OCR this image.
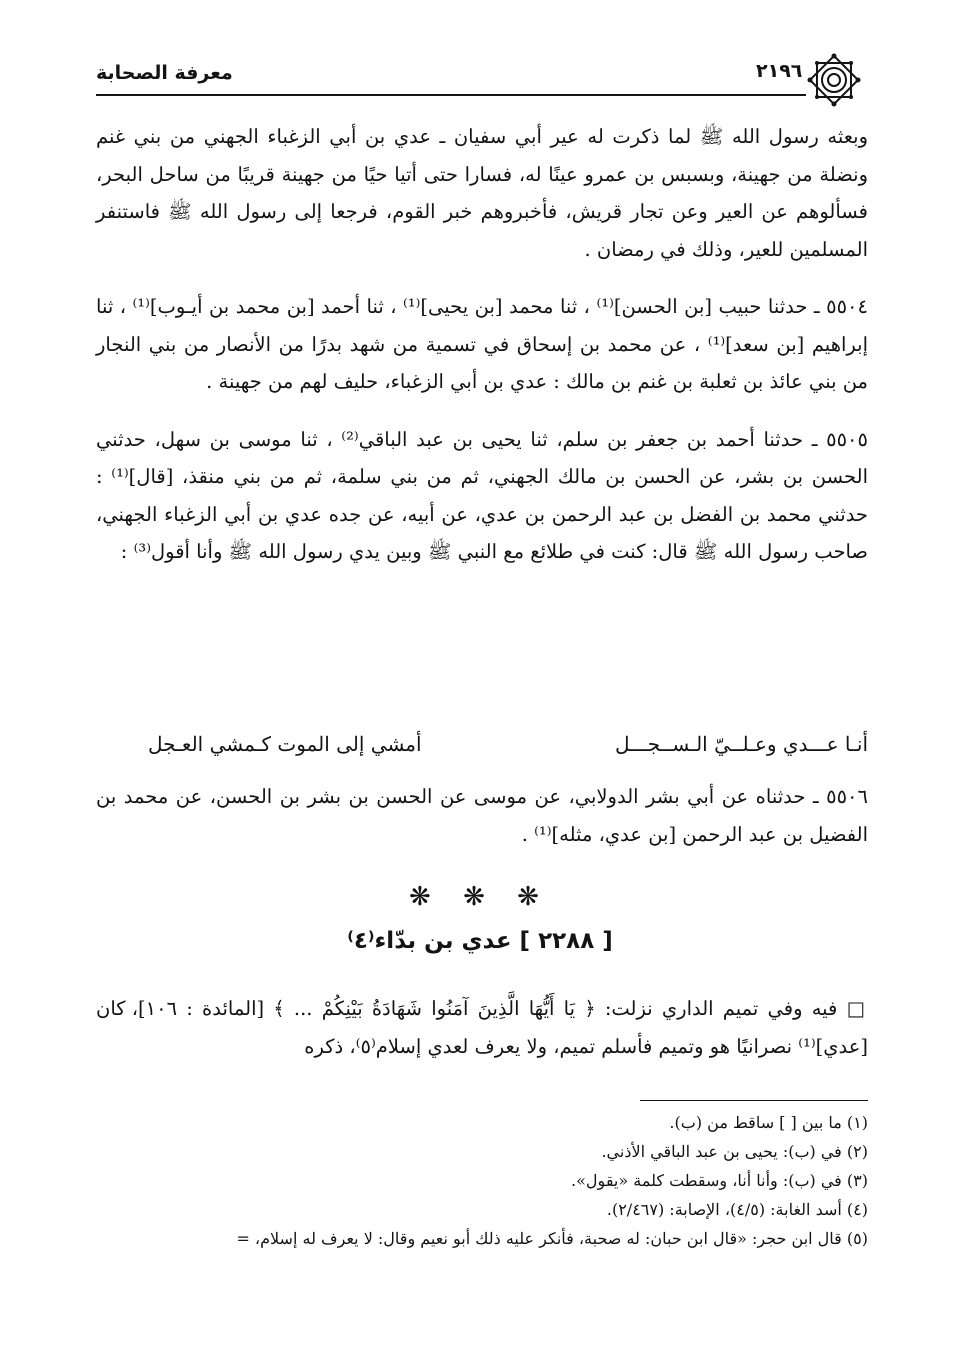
معرفة الصحابة	٢١٩٦

وبعثه رسول الله ﷺ لما ذكرت له عير أبي سفيان ـ عدي بن أبي الزغباء الجهني من بني غنم ونضلة من جهينة، وبسبس بن عمرو عينًا له، فسارا حتى أتيا حيًا من جهينة قريبًا من ساحل البحر، فسألوهم عن العير وعن تجار قريش، فأخبروهم خبر القوم، فرجعا إلى رسول الله ﷺ فاستنفر المسلمين للعير، وذلك في رمضان .

٥٥٠٤ ـ حدثنا حبيب [بن الحسن]⁽¹⁾ ، ثنا محمد [بن يحيى]⁽¹⁾ ، ثنا أحمد [بن محمد بن أيـوب]⁽¹⁾ ، ثنا إبراهيم [بن سعد]⁽¹⁾ ، عن محمد بن إسحاق في تسمية من شهد بدرًا من الأنصار من بني النجار من بني عائذ بن ثعلبة بن غنم بن مالك : عدي بن أبي الزغباء، حليف لهم من جهينة .

٥٥٠٥ ـ حدثنا أحمد بن جعفر بن سلم، ثنا يحيى بن عبد الباقي⁽²⁾ ، ثنا موسى بن سهل، حدثني الحسن بن بشر، عن الحسن بن مالك الجهني، ثم من بني سلمة، ثم من بني منقذ، [قال]⁽¹⁾ : حدثني محمد بن الفضل بن عبد الرحمن بن عدي، عن أبيه، عن جده عدي بن أبي الزغباء الجهني، صاحب رسول الله ﷺ قال: كنت في طلائع مع النبي ﷺ وبين يدي رسول الله ﷺ وأنا أقول⁽³⁾ :

أنـا عـــدي وعـلــيّ الـســجـــل
أمشي إلى الموت كـمشي العـجل

٥٥٠٦ ـ حدثناه عن أبي بشر الدولابي، عن موسى عن الحسن بن بشر بن الحسن، عن محمد بن الفضيل بن عبد الرحمن [بن عدي، مثله]⁽¹⁾ .

❋ ❋ ❋
[ ٢٢٨٨ ] عدي بن بدّاء⁽٤⁾

□ فيه وفي تميم الداري نزلت: ﴿ يَا أَيُّهَا الَّذِينَ آمَنُوا شَهَادَةُ بَيْنِكُمْ ... ﴾ [المائدة : ١٠٦]، كان [عدي]⁽¹⁾ نصرانيًا هو وتميم فأسلم تميم، ولا يعرف لعدي إسلام⁽٥⁾، ذكره

(١) ما بين [ ] ساقط من (ب).

(٢) في (ب): يحيى بن عبد الباقي الأذني.

(٣) في (ب): وأنا أنا، وسقطت كلمة «يقول».

(٤) أسد الغابة: (٤/٥)، الإصابة: (٢/٤٦٧).

(٥) قال ابن حجر: «قال ابن حبان: له صحبة، فأنكر عليه ذلك أبو نعيم وقال: لا يعرف له إسلام، =
